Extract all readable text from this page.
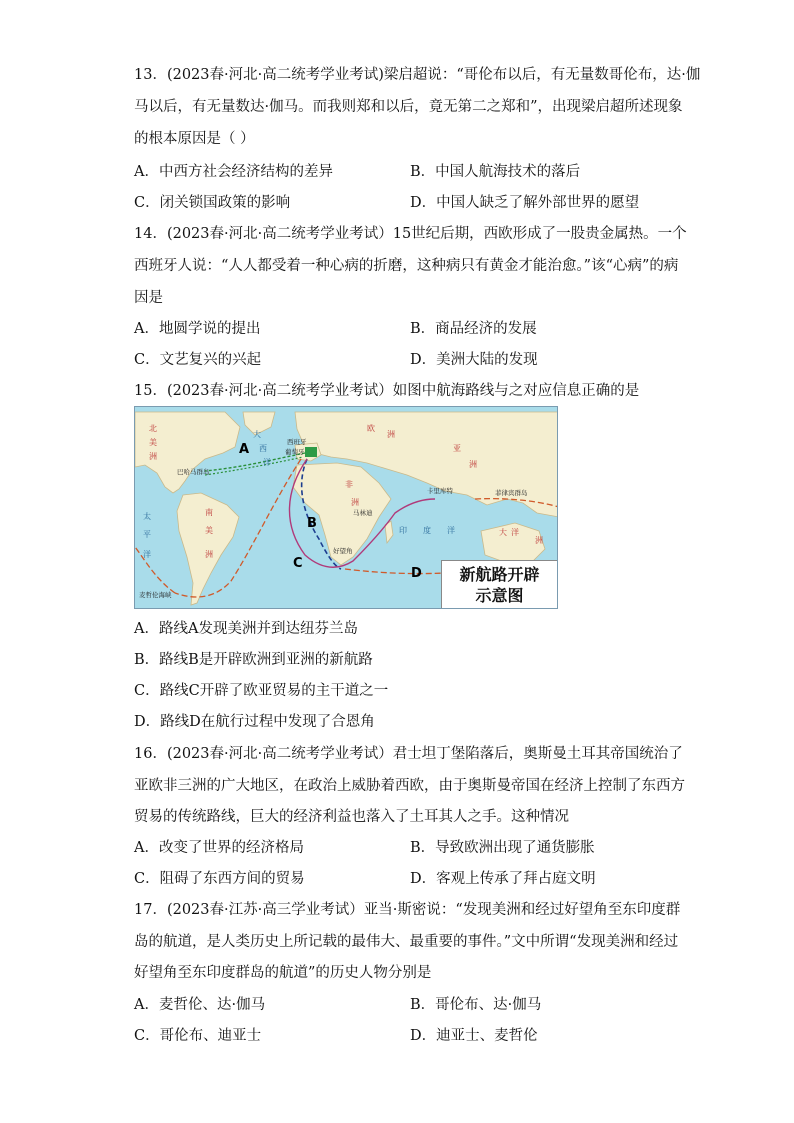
13．(2023春·河北·高二统考学业考试)梁启超说：“哥伦布以后，有无量数哥伦布，达·伽
马以后，有无量数达·伽马。而我则郑和以后，竟无第二之郑和”，出现梁启超所述现象
的根本原因是（ ）
A．中西方社会经济结构的差异	B．中国人航海技术的落后
C．闭关锁国政策的影响	D．中国人缺乏了解外部世界的愿望
14．(2023春·河北·高二统考学业考试）15世纪后期，西欧形成了一股贵金属热。一个
西班牙人说：“人人都受着一种心病的折磨，这种病只有黄金才能治愈。”该“心病”的病
因是
A．地圆学说的提出	B．商品经济的发展
C．文艺复兴的兴起	D．美洲大陆的发现
15．(2023春·河北·高二统考学业考试）如图中航海路线与之对应信息正确的是
A
B
C
D
西班牙
葡萄牙
巴哈马群岛
卡里库特	菲律宾群岛
马林迪
好望角
麦哲伦海峡
北
美
洲
南
美
洲
非
洲
亚
洲
欧
洲
大 洋
洲
大
西
洋
印 度 洋
太
平
洋
新航路开辟
示意图
A．路线A发现美洲并到达纽芬兰岛
B．路线B是开辟欧洲到亚洲的新航路
C．路线C开辟了欧亚贸易的主干道之一
D．路线D在航行过程中发现了合恩角
16．(2023春·河北·高二统考学业考试）君士坦丁堡陷落后，奥斯曼土耳其帝国统治了
亚欧非三洲的广大地区，在政治上威胁着西欧，由于奥斯曼帝国在经济上控制了东西方
贸易的传统路线，巨大的经济利益也落入了土耳其人之手。这种情况
A．改变了世界的经济格局	B．导致欧洲出现了通货膨胀
C．阻碍了东西方间的贸易	D．客观上传承了拜占庭文明
17．(2023春·江苏·高三学业考试）亚当·斯密说：“发现美洲和经过好望角至东印度群
岛的航道，是人类历史上所记载的最伟大、最重要的事件。”文中所谓“发现美洲和经过
好望角至东印度群岛的航道”的历史人物分别是
A．麦哲伦、达·伽马	B．哥伦布、达·伽马
C．哥伦布、迪亚士	D．迪亚士、麦哲伦
